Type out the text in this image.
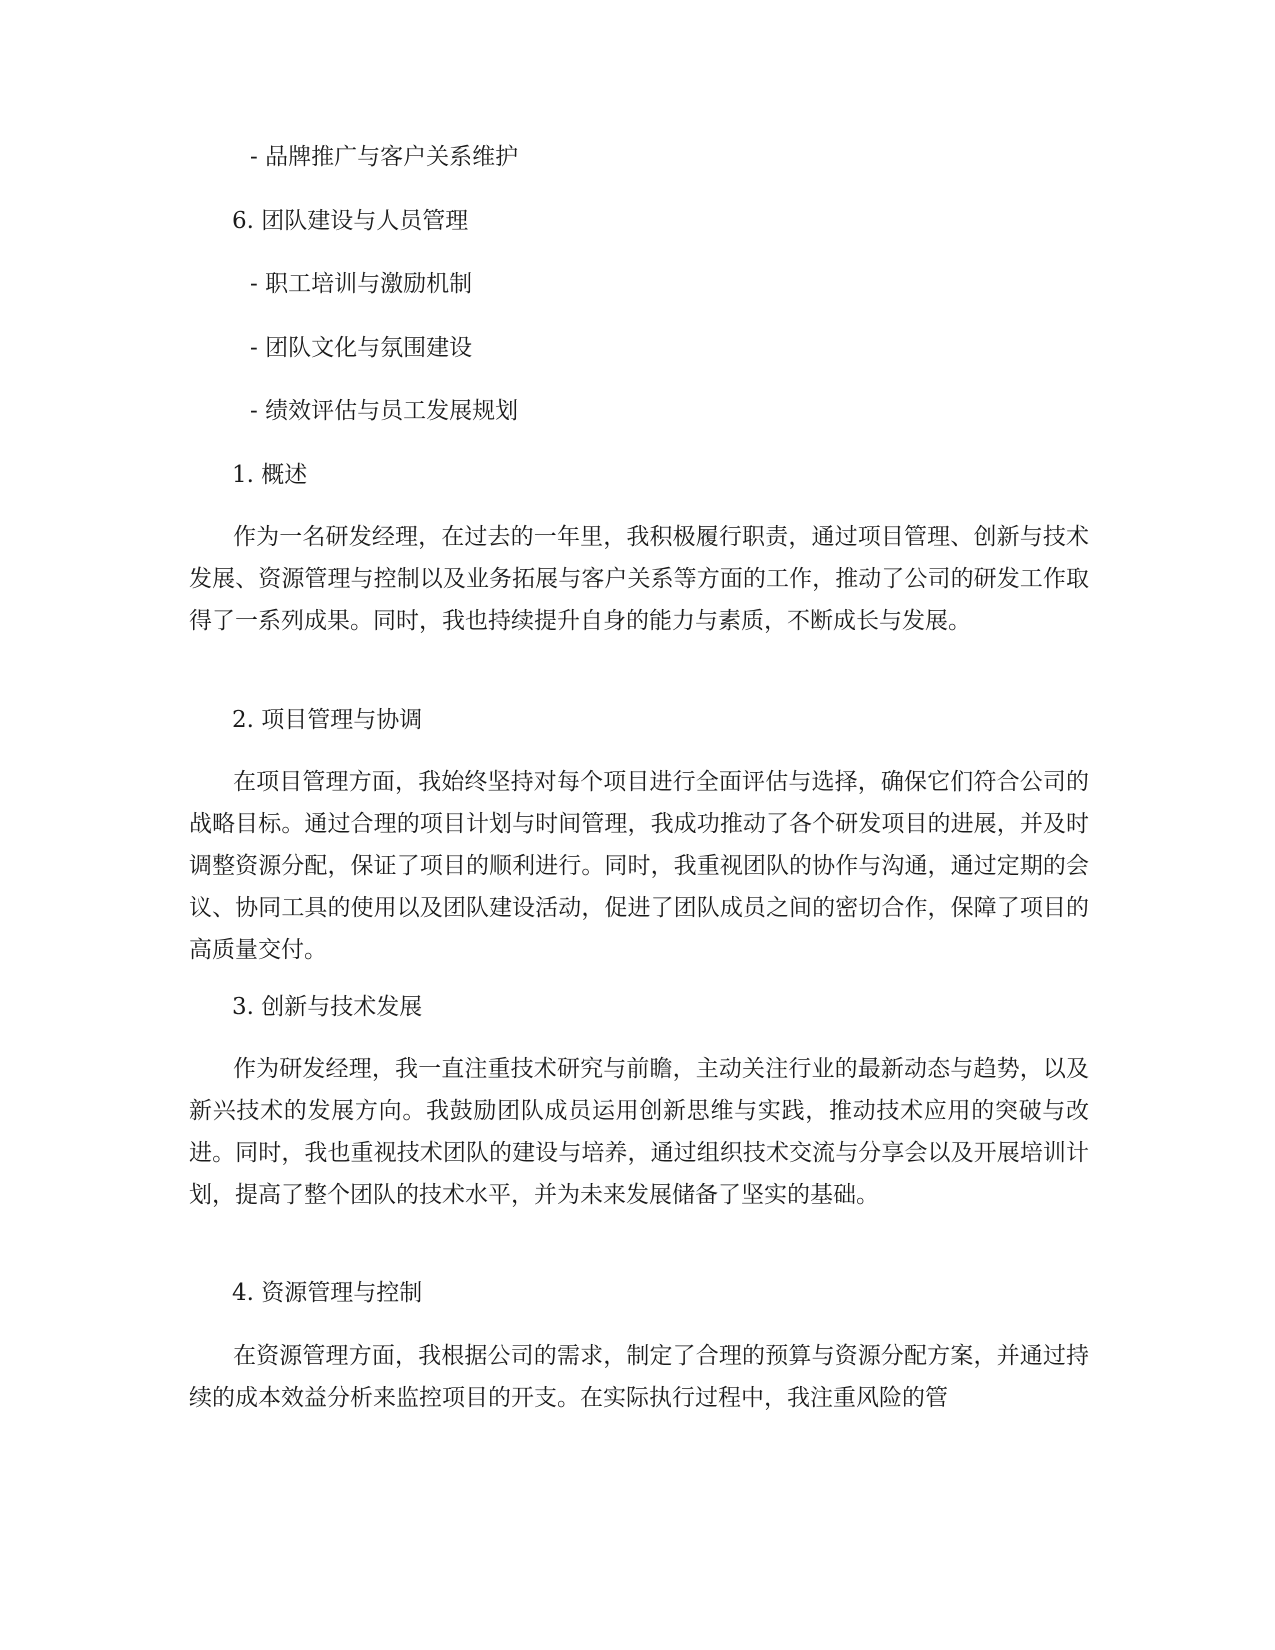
- 品牌推广与客户关系维护

6. 团队建设与人员管理

- 职工培训与激励机制

- 团队文化与氛围建设

- 绩效评估与员工发展规划

1. 概述

作为一名研发经理，在过去的一年里，我积极履行职责，通过项目管理、创新与技术发展、资源管理与控制以及业务拓展与客户关系等方面的工作，推动了公司的研发工作取得了一系列成果。同时，我也持续提升自身的能力与素质，不断成长与发展。

2. 项目管理与协调

在项目管理方面，我始终坚持对每个项目进行全面评估与选择，确保它们符合公司的战略目标。通过合理的项目计划与时间管理，我成功推动了各个研发项目的进展，并及时调整资源分配，保证了项目的顺利进行。同时，我重视团队的协作与沟通，通过定期的会议、协同工具的使用以及团队建设活动，促进了团队成员之间的密切合作，保障了项目的高质量交付。

3. 创新与技术发展

作为研发经理，我一直注重技术研究与前瞻，主动关注行业的最新动态与趋势，以及新兴技术的发展方向。我鼓励团队成员运用创新思维与实践，推动技术应用的突破与改进。同时，我也重视技术团队的建设与培养，通过组织技术交流与分享会以及开展培训计划，提高了整个团队的技术水平，并为未来发展储备了坚实的基础。

4. 资源管理与控制

在资源管理方面，我根据公司的需求，制定了合理的预算与资源分配方案，并通过持续的成本效益分析来监控项目的开支。在实际执行过程中，我注重风险的管
